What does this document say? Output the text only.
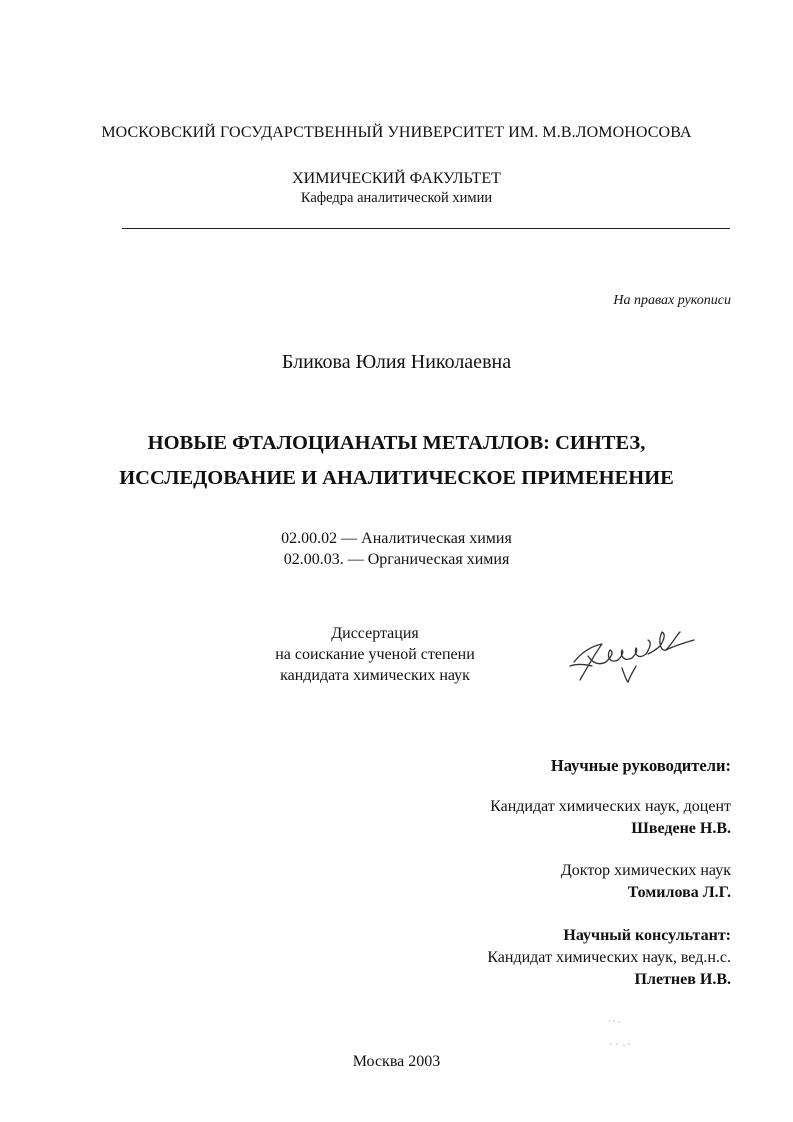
МОСКОВСКИЙ ГОСУДАРСТВЕННЫЙ УНИВЕРСИТЕТ ИМ. М.В.ЛОМОНОСОВА
ХИМИЧЕСКИЙ ФАКУЛЬТЕТ
Кафедра аналитической химии
На правах рукописи
Бликова Юлия Николаевна
НОВЫЕ ФТАЛОЦИАНАТЫ МЕТАЛЛОВ: СИНТЕЗ,
ИССЛЕДОВАНИЕ И АНАЛИТИЧЕСКОЕ ПРИМЕНЕНИЕ
02.00.02 — Аналитическая химия
02.00.03. — Органическая химия
Диссертация
на соискание ученой степени
кандидата химических наук
Научные руководители:
Кандидат химических наук, доцент
Шведене Н.В.
Доктор химических наук
Томилова Л.Г.
Научный консультант:
Кандидат химических наук, вед.н.с.
Плетнев И.В.
Москва 2003
